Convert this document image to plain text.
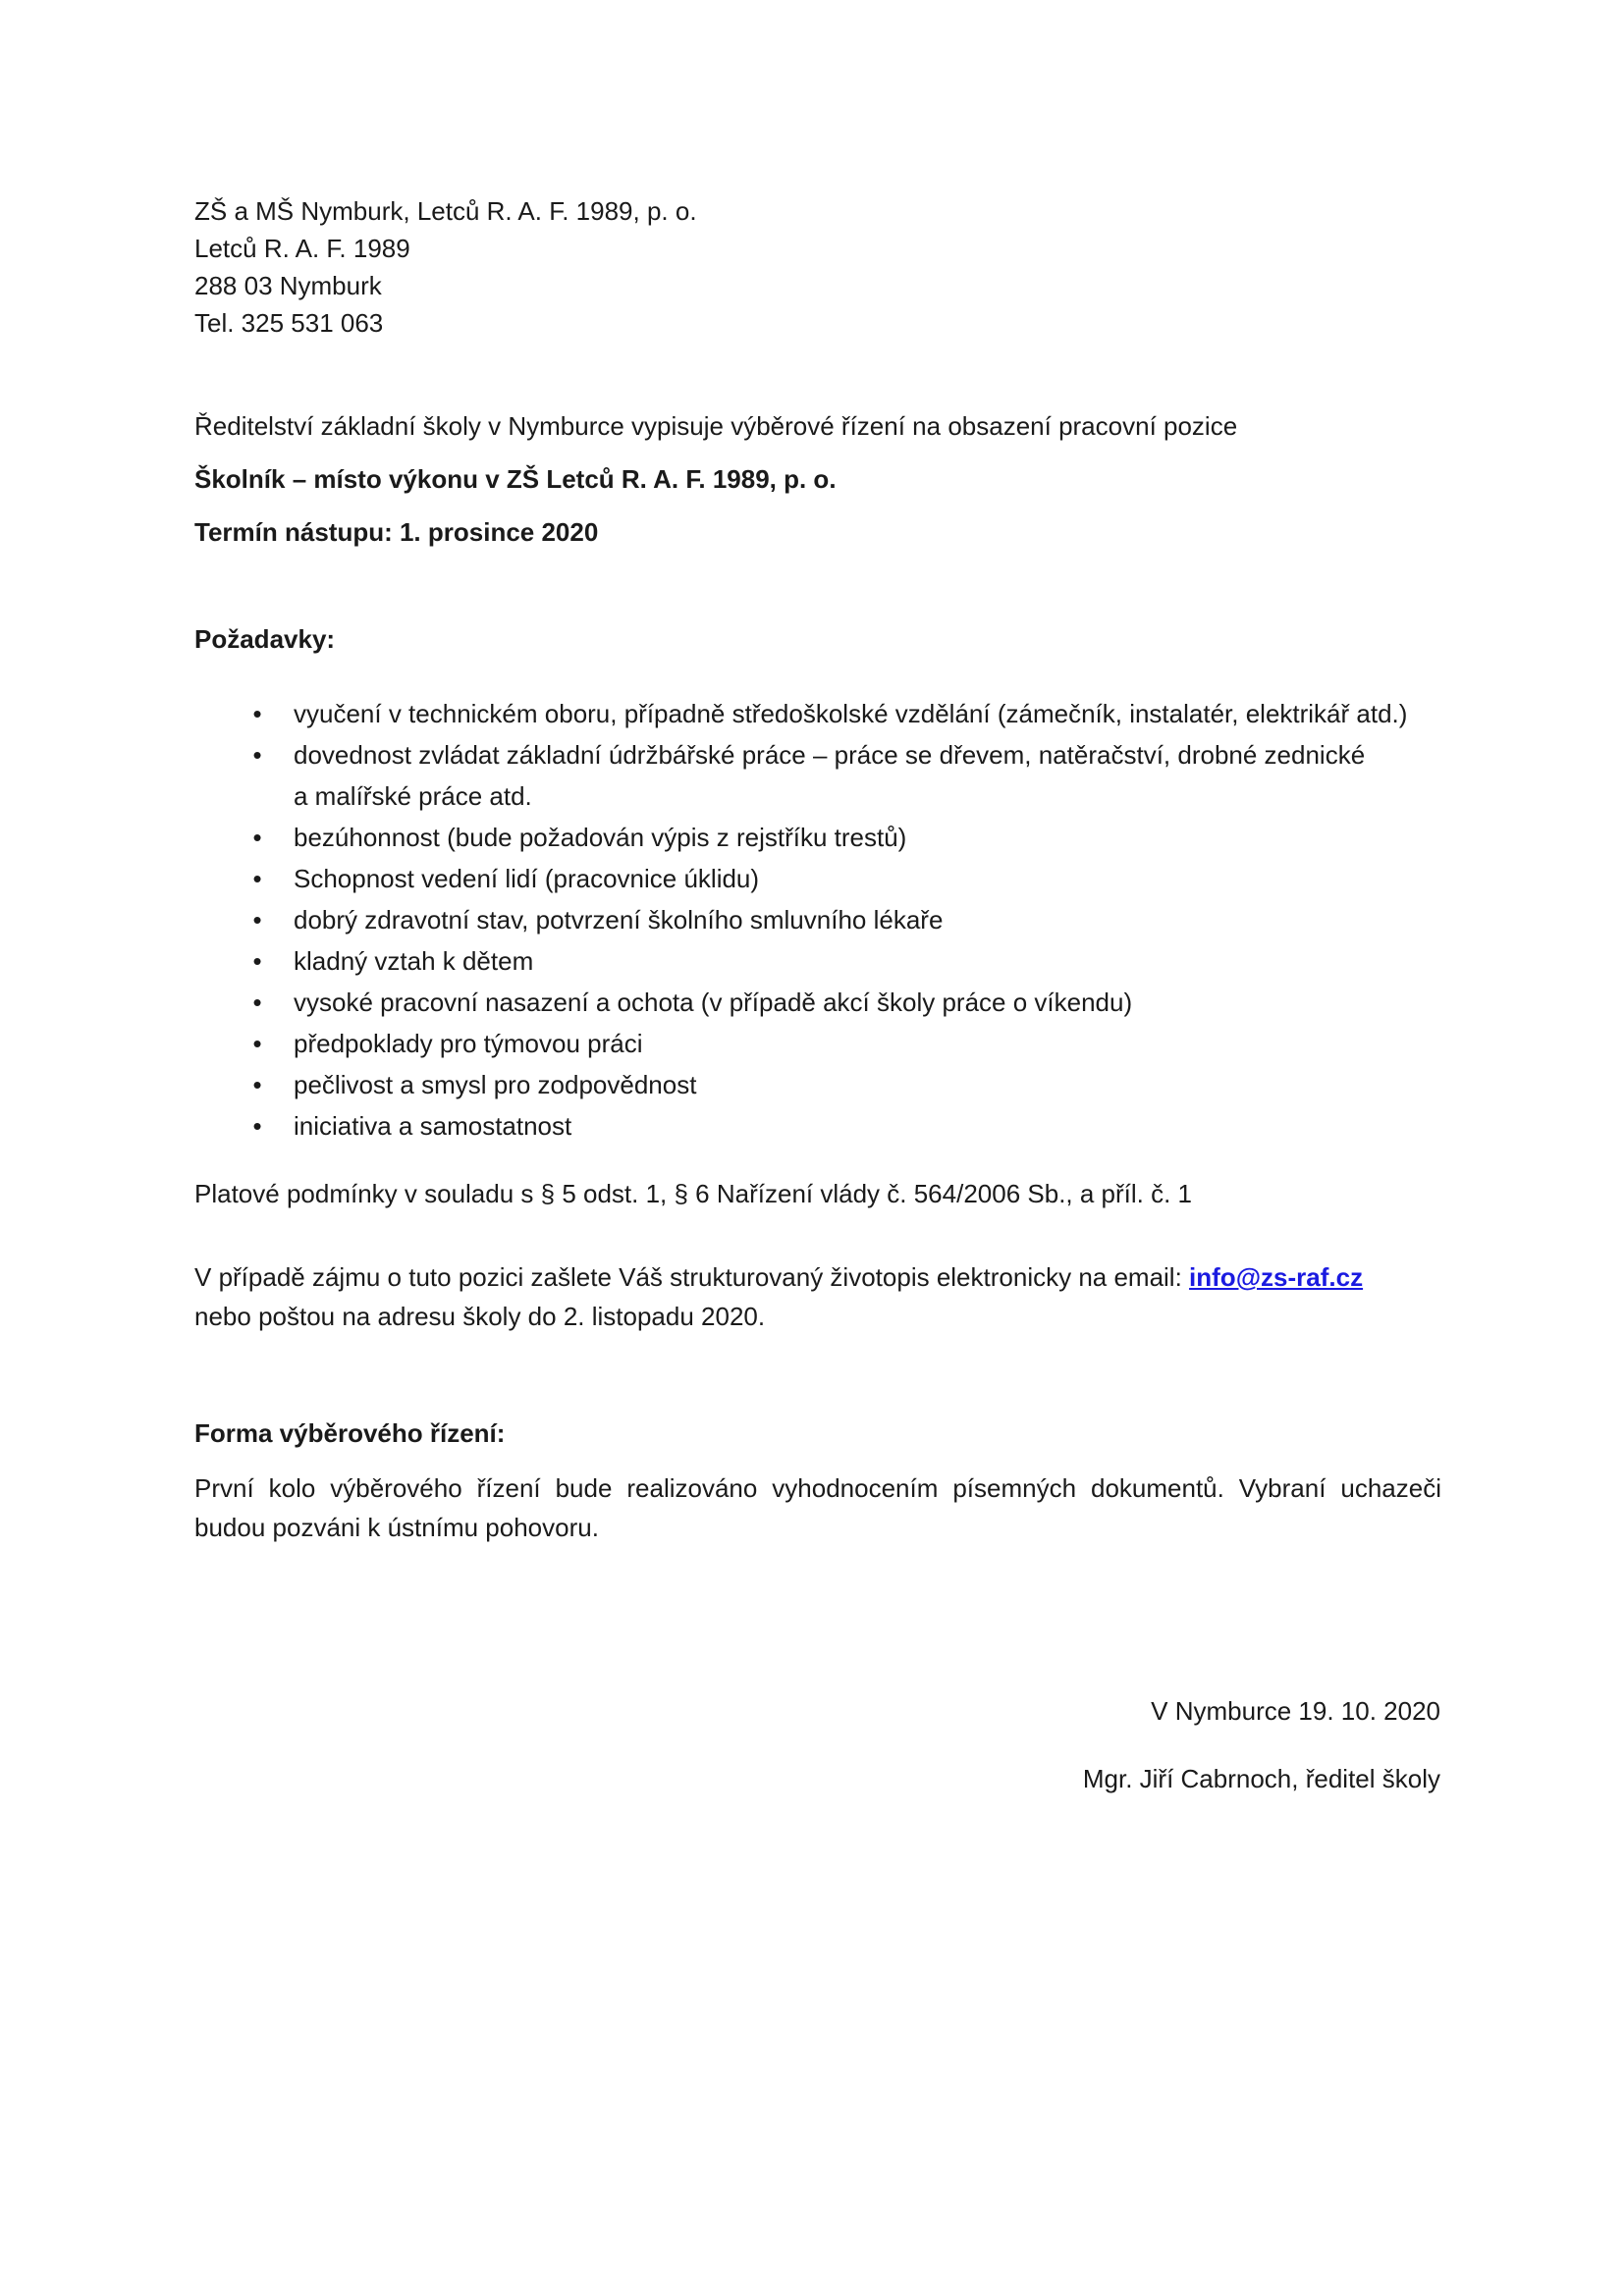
ZŠ a MŠ Nymburk, Letců R. A. F. 1989, p. o.
Letců R. A. F. 1989
288 03 Nymburk
Tel. 325 531 063
Ředitelství základní školy v Nymburce vypisuje výběrové řízení na obsazení pracovní pozice
Školník – místo výkonu v ZŠ Letců R. A. F. 1989, p. o.
Termín nástupu: 1. prosince 2020
Požadavky:
• vyučení v technickém oboru, případně středoškolské vzdělání (zámečník, instalatér, elektrikář atd.)
• dovednost zvládat základní údržbářské práce – práce se dřevem, natěračství, drobné zednické
a malířské práce atd.
• bezúhonnost (bude požadován výpis z rejstříku trestů)
• Schopnost vedení lidí (pracovnice úklidu)
• dobrý zdravotní stav, potvrzení školního smluvního lékaře
• kladný vztah k dětem
• vysoké pracovní nasazení a ochota (v případě akcí školy práce o víkendu)
• předpoklady pro týmovou práci
• pečlivost a smysl pro zodpovědnost
• iniciativa a samostatnost
Platové podmínky v souladu s § 5 odst. 1, § 6 Nařízení vlády č. 564/2006 Sb., a příl. č. 1
V případě zájmu o tuto pozici zašlete Váš strukturovaný životopis elektronicky na email: info@zs-raf.cz
nebo poštou na adresu školy do 2. listopadu 2020.
Forma výběrového řízení:
První kolo výběrového řízení bude realizováno vyhodnocením písemných dokumentů. Vybraní uchazeči budou pozváni k ústnímu pohovoru.
V Nymburce 19. 10. 2020
Mgr. Jiří Cabrnoch, ředitel školy
